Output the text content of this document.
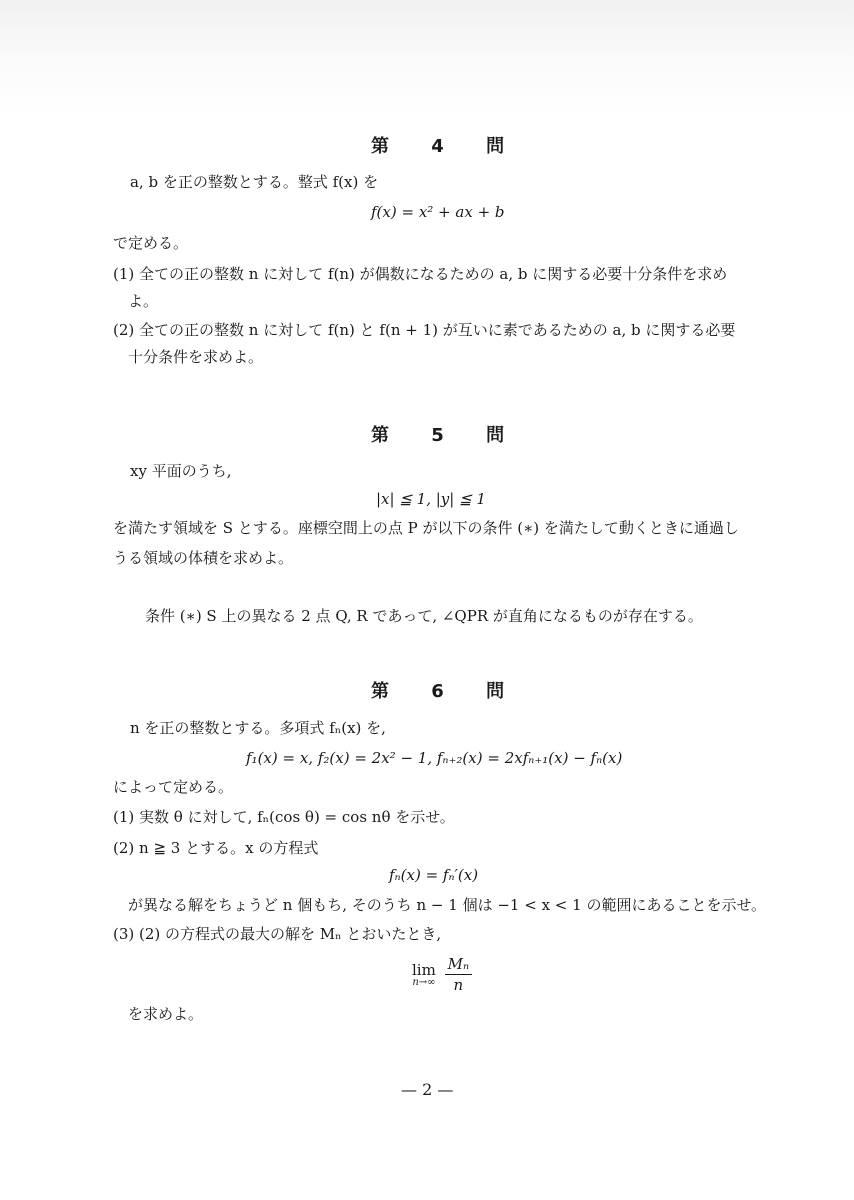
第 4 問
a, b を正の整数とする。整式 f(x) を
f(x) = x² + ax + b
で定める。
(1) 全ての正の整数 n に対して f(n) が偶数になるための a, b に関する必要十分条件を求め
よ。
(2) 全ての正の整数 n に対して f(n) と f(n + 1) が互いに素であるための a, b に関する必要
十分条件を求めよ。
第 5 問
xy 平面のうち,
|x| ≦ 1, |y| ≦ 1
を満たす領域を S とする。座標空間上の点 P が以下の条件 (∗) を満たして動くときに通過し
うる領域の体積を求めよ。
条件 (∗) S 上の異なる 2 点 Q, R であって, ∠QPR が直角になるものが存在する。
第 6 問
n を正の整数とする。多項式 fₙ(x) を,
f₁(x) = x, f₂(x) = 2x² − 1, fₙ₊₂(x) = 2xfₙ₊₁(x) − fₙ(x)
によって定める。
(1) 実数 θ に対して, fₙ(cos θ) = cos nθ を示せ。
(2) n ≧ 3 とする。x の方程式
fₙ(x) = fₙ′(x)
が異なる解をちょうど n 個もち, そのうち n − 1 個は −1 < x < 1 の範囲にあることを示せ。
(3) (2) の方程式の最大の解を Mₙ とおいたとき,
lim
n→∞
$\frac{\text{Mₙ}}{n}$
を求めよ。
— 2 —
